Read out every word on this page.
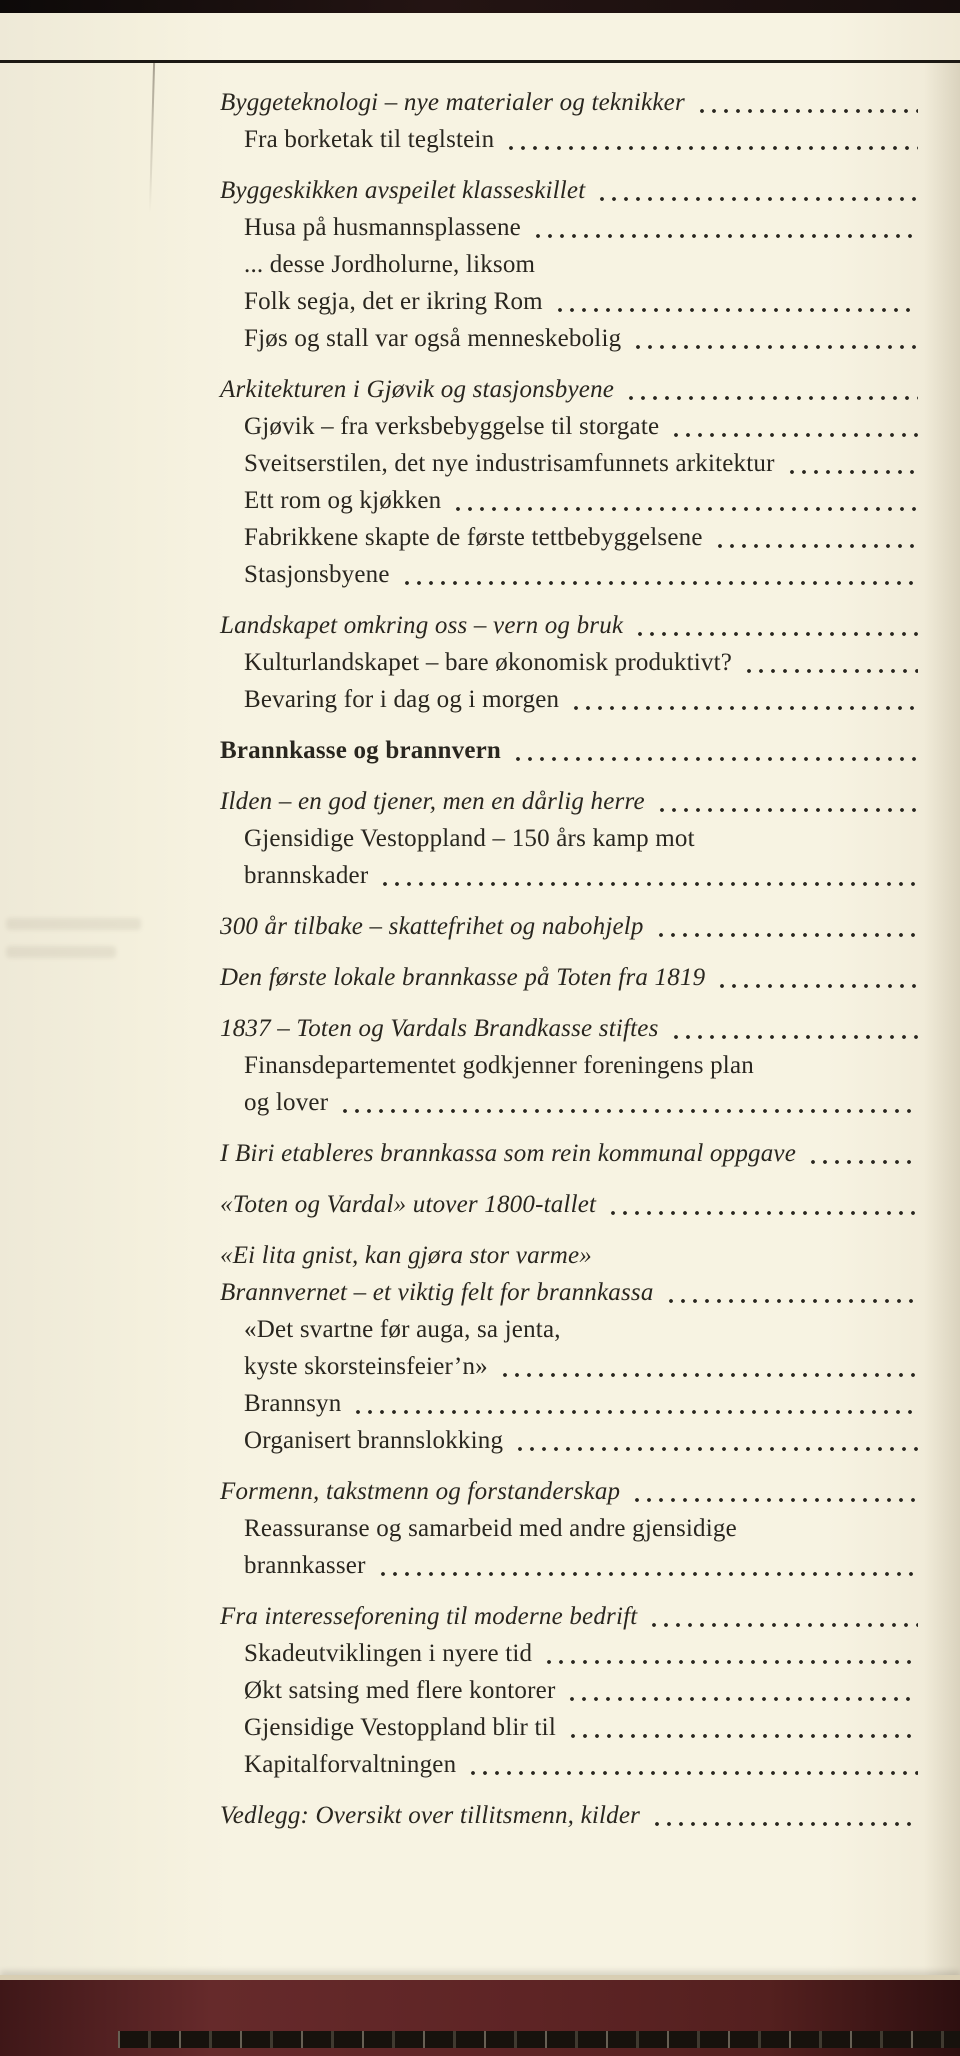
Byggeteknologi – nye materialer og teknikker
Fra borketak til teglstein
Byggeskikken avspeilet klasseskillet
Husa på husmannsplassene
... desse Jordholurne, liksom
Folk segja, det er ikring Rom
Fjøs og stall var også menneskebolig
Arkitekturen i Gjøvik og stasjonsbyene
Gjøvik – fra verksbebyggelse til storgate
Sveitserstilen, det nye industrisamfunnets arkitektur
Ett rom og kjøkken
Fabrikkene skapte de første tettbebyggelsene
Stasjonsbyene
Landskapet omkring oss – vern og bruk
Kulturlandskapet – bare økonomisk produktivt?
Bevaring for i dag og i morgen
Brannkasse og brannvern
Ilden – en god tjener, men en dårlig herre
Gjensidige Vestoppland – 150 års kamp mot
brannskader
300 år tilbake – skattefrihet og nabohjelp
Den første lokale brannkasse på Toten fra 1819
1837 – Toten og Vardals Brandkasse stiftes
Finansdepartementet godkjenner foreningens plan
og lover
I Biri etableres brannkassa som rein kommunal oppgave
«Toten og Vardal» utover 1800-tallet
«Ei lita gnist, kan gjøra stor varme»
Brannvernet – et viktig felt for brannkassa
«Det svartne før auga, sa jenta,
kyste skorsteinsfeier’n»
Brannsyn
Organisert brannslokking
Formenn, takstmenn og forstanderskap
Reassuranse og samarbeid med andre gjensidige
brannkasser
Fra interesseforening til moderne bedrift
Skadeutviklingen i nyere tid
Økt satsing med flere kontorer
Gjensidige Vestoppland blir til
Kapitalforvaltningen
Vedlegg: Oversikt over tillitsmenn, kilder
